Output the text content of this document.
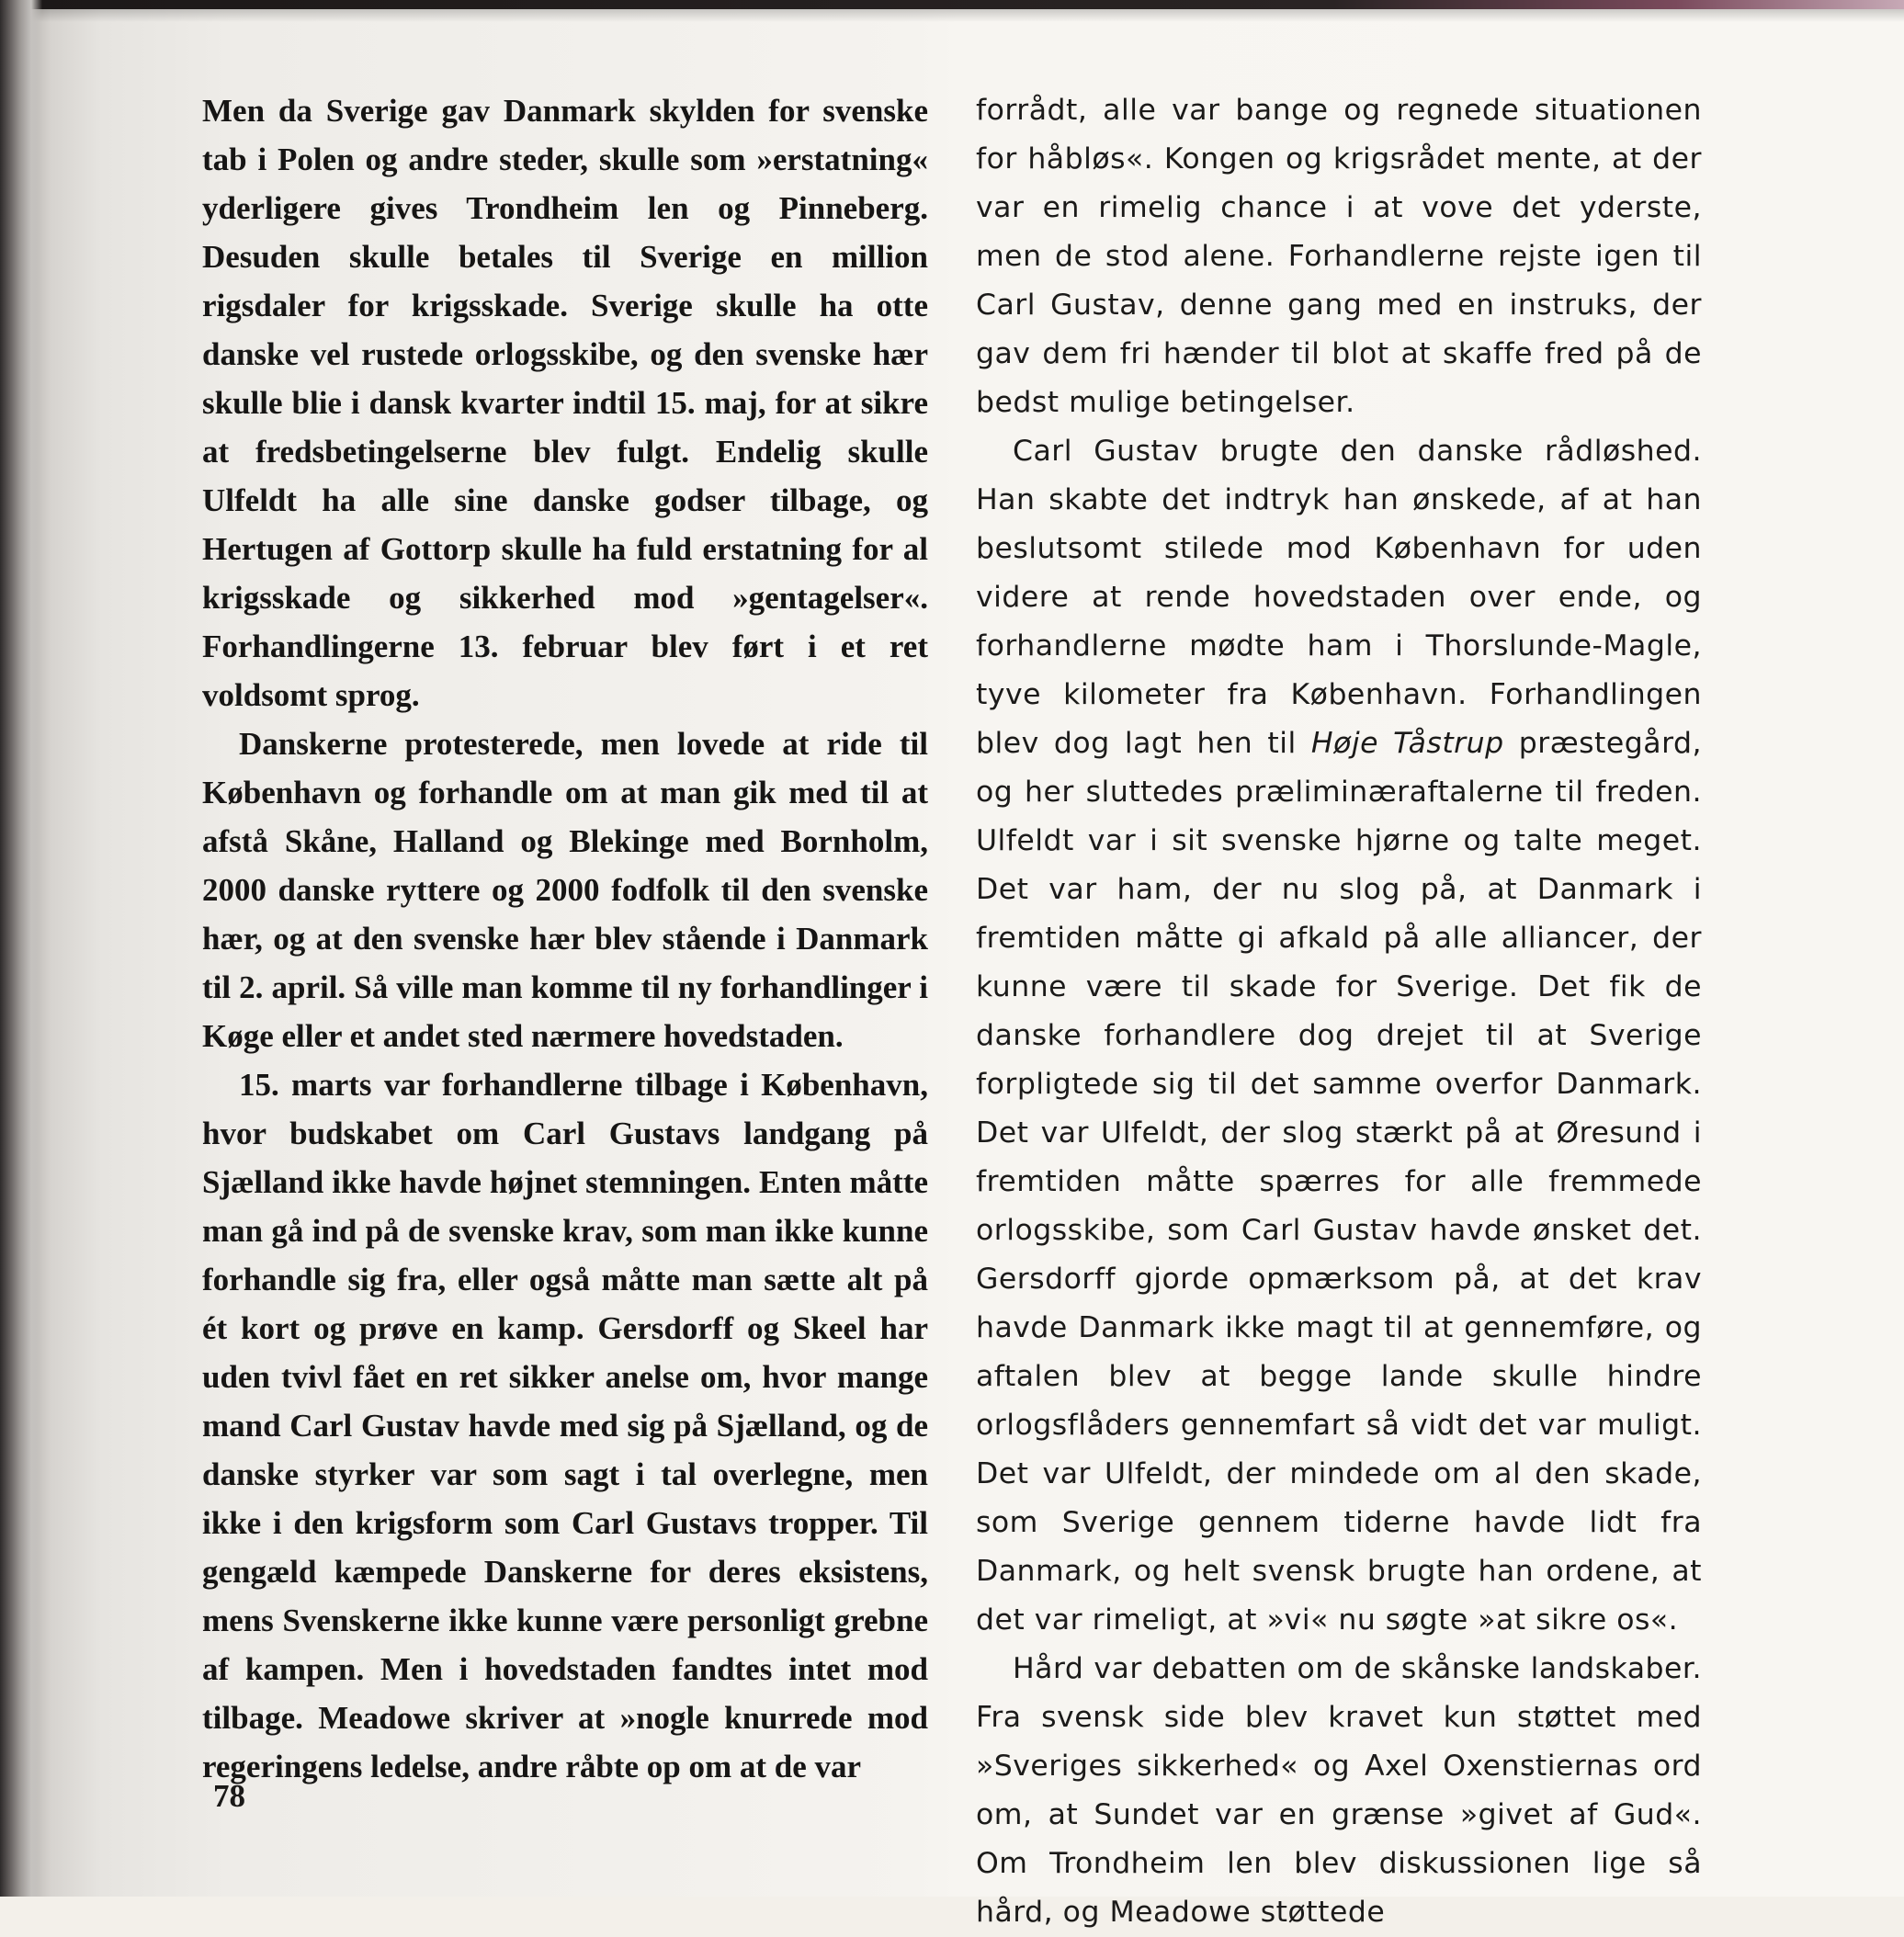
Men da Sverige gav Danmark skylden for svenske tab i Polen og andre steder, skulle som »erstatning« yderligere gives Trondheim len og Pinneberg. Desuden skulle betales til Sverige en million rigsdaler for krigsskade. Sverige skulle ha otte danske vel rustede orlogsskibe, og den svenske hær skulle blie i dansk kvarter indtil 15. maj, for at sikre at fredsbetingelserne blev fulgt. Endelig skulle Ulfeldt ha alle sine danske godser tilbage, og Hertugen af Gottorp skulle ha fuld erstatning for al krigsskade og sikkerhed mod »gentagelser«. Forhandlingerne 13. februar blev ført i et ret voldsomt sprog.

Danskerne protesterede, men lovede at ride til København og forhandle om at man gik med til at afstå Skåne, Halland og Blekinge med Bornholm, 2000 danske ryttere og 2000 fodfolk til den svenske hær, og at den svenske hær blev stående i Danmark til 2. april. Så ville man komme til ny forhandlinger i Køge eller et andet sted nærmere hovedstaden.

15. marts var forhandlerne tilbage i København, hvor budskabet om Carl Gustavs landgang på Sjælland ikke havde højnet stemningen. Enten måtte man gå ind på de svenske krav, som man ikke kunne forhandle sig fra, eller også måtte man sætte alt på ét kort og prøve en kamp. Gersdorff og Skeel har uden tvivl fået en ret sikker anelse om, hvor mange mand Carl Gustav havde med sig på Sjælland, og de danske styrker var som sagt i tal overlegne, men ikke i den krigsform som Carl Gustavs tropper. Til gengæld kæmpede Danskerne for deres eksistens, mens Svenskerne ikke kunne være personligt grebne af kampen. Men i hovedstaden fandtes intet mod tilbage. Meadowe skriver at »nogle knurrede mod regeringens ledelse, andre råbte op om at de var

forrådt, alle var bange og regnede situationen for håbløs«. Kongen og krigsrådet mente, at der var en rimelig chance i at vove det yderste, men de stod alene. Forhandlerne rejste igen til Carl Gustav, denne gang med en instruks, der gav dem fri hænder til blot at skaffe fred på de bedst mulige betingelser.

Carl Gustav brugte den danske rådløshed. Han skabte det indtryk han ønskede, af at han beslutsomt stilede mod København for uden videre at rende hovedstaden over ende, og forhandlerne mødte ham i Thorslunde-Magle, tyve kilometer fra København. Forhandlingen blev dog lagt hen til Høje Tåstrup præstegård, og her sluttedes præliminæraftalerne til freden. Ulfeldt var i sit svenske hjørne og talte meget. Det var ham, der nu slog på, at Danmark i fremtiden måtte gi afkald på alle alliancer, der kunne være til skade for Sverige. Det fik de danske forhandlere dog drejet til at Sverige forpligtede sig til det samme overfor Danmark. Det var Ulfeldt, der slog stærkt på at Øresund i fremtiden måtte spærres for alle fremmede orlogsskibe, som Carl Gustav havde ønsket det. Gersdorff gjorde opmærksom på, at det krav havde Danmark ikke magt til at gennemføre, og aftalen blev at begge lande skulle hindre orlogsflåders gennemfart så vidt det var muligt. Det var Ulfeldt, der mindede om al den skade, som Sverige gennem tiderne havde lidt fra Danmark, og helt svensk brugte han ordene, at det var rimeligt, at »vi« nu søgte »at sikre os«.

Hård var debatten om de skånske landskaber. Fra svensk side blev kravet kun støttet med »Sveriges sikkerhed« og Axel Oxenstiernas ord om, at Sundet var en grænse »givet af Gud«. Om Trondheim len blev diskussionen lige så hård, og Meadowe støttede

78
